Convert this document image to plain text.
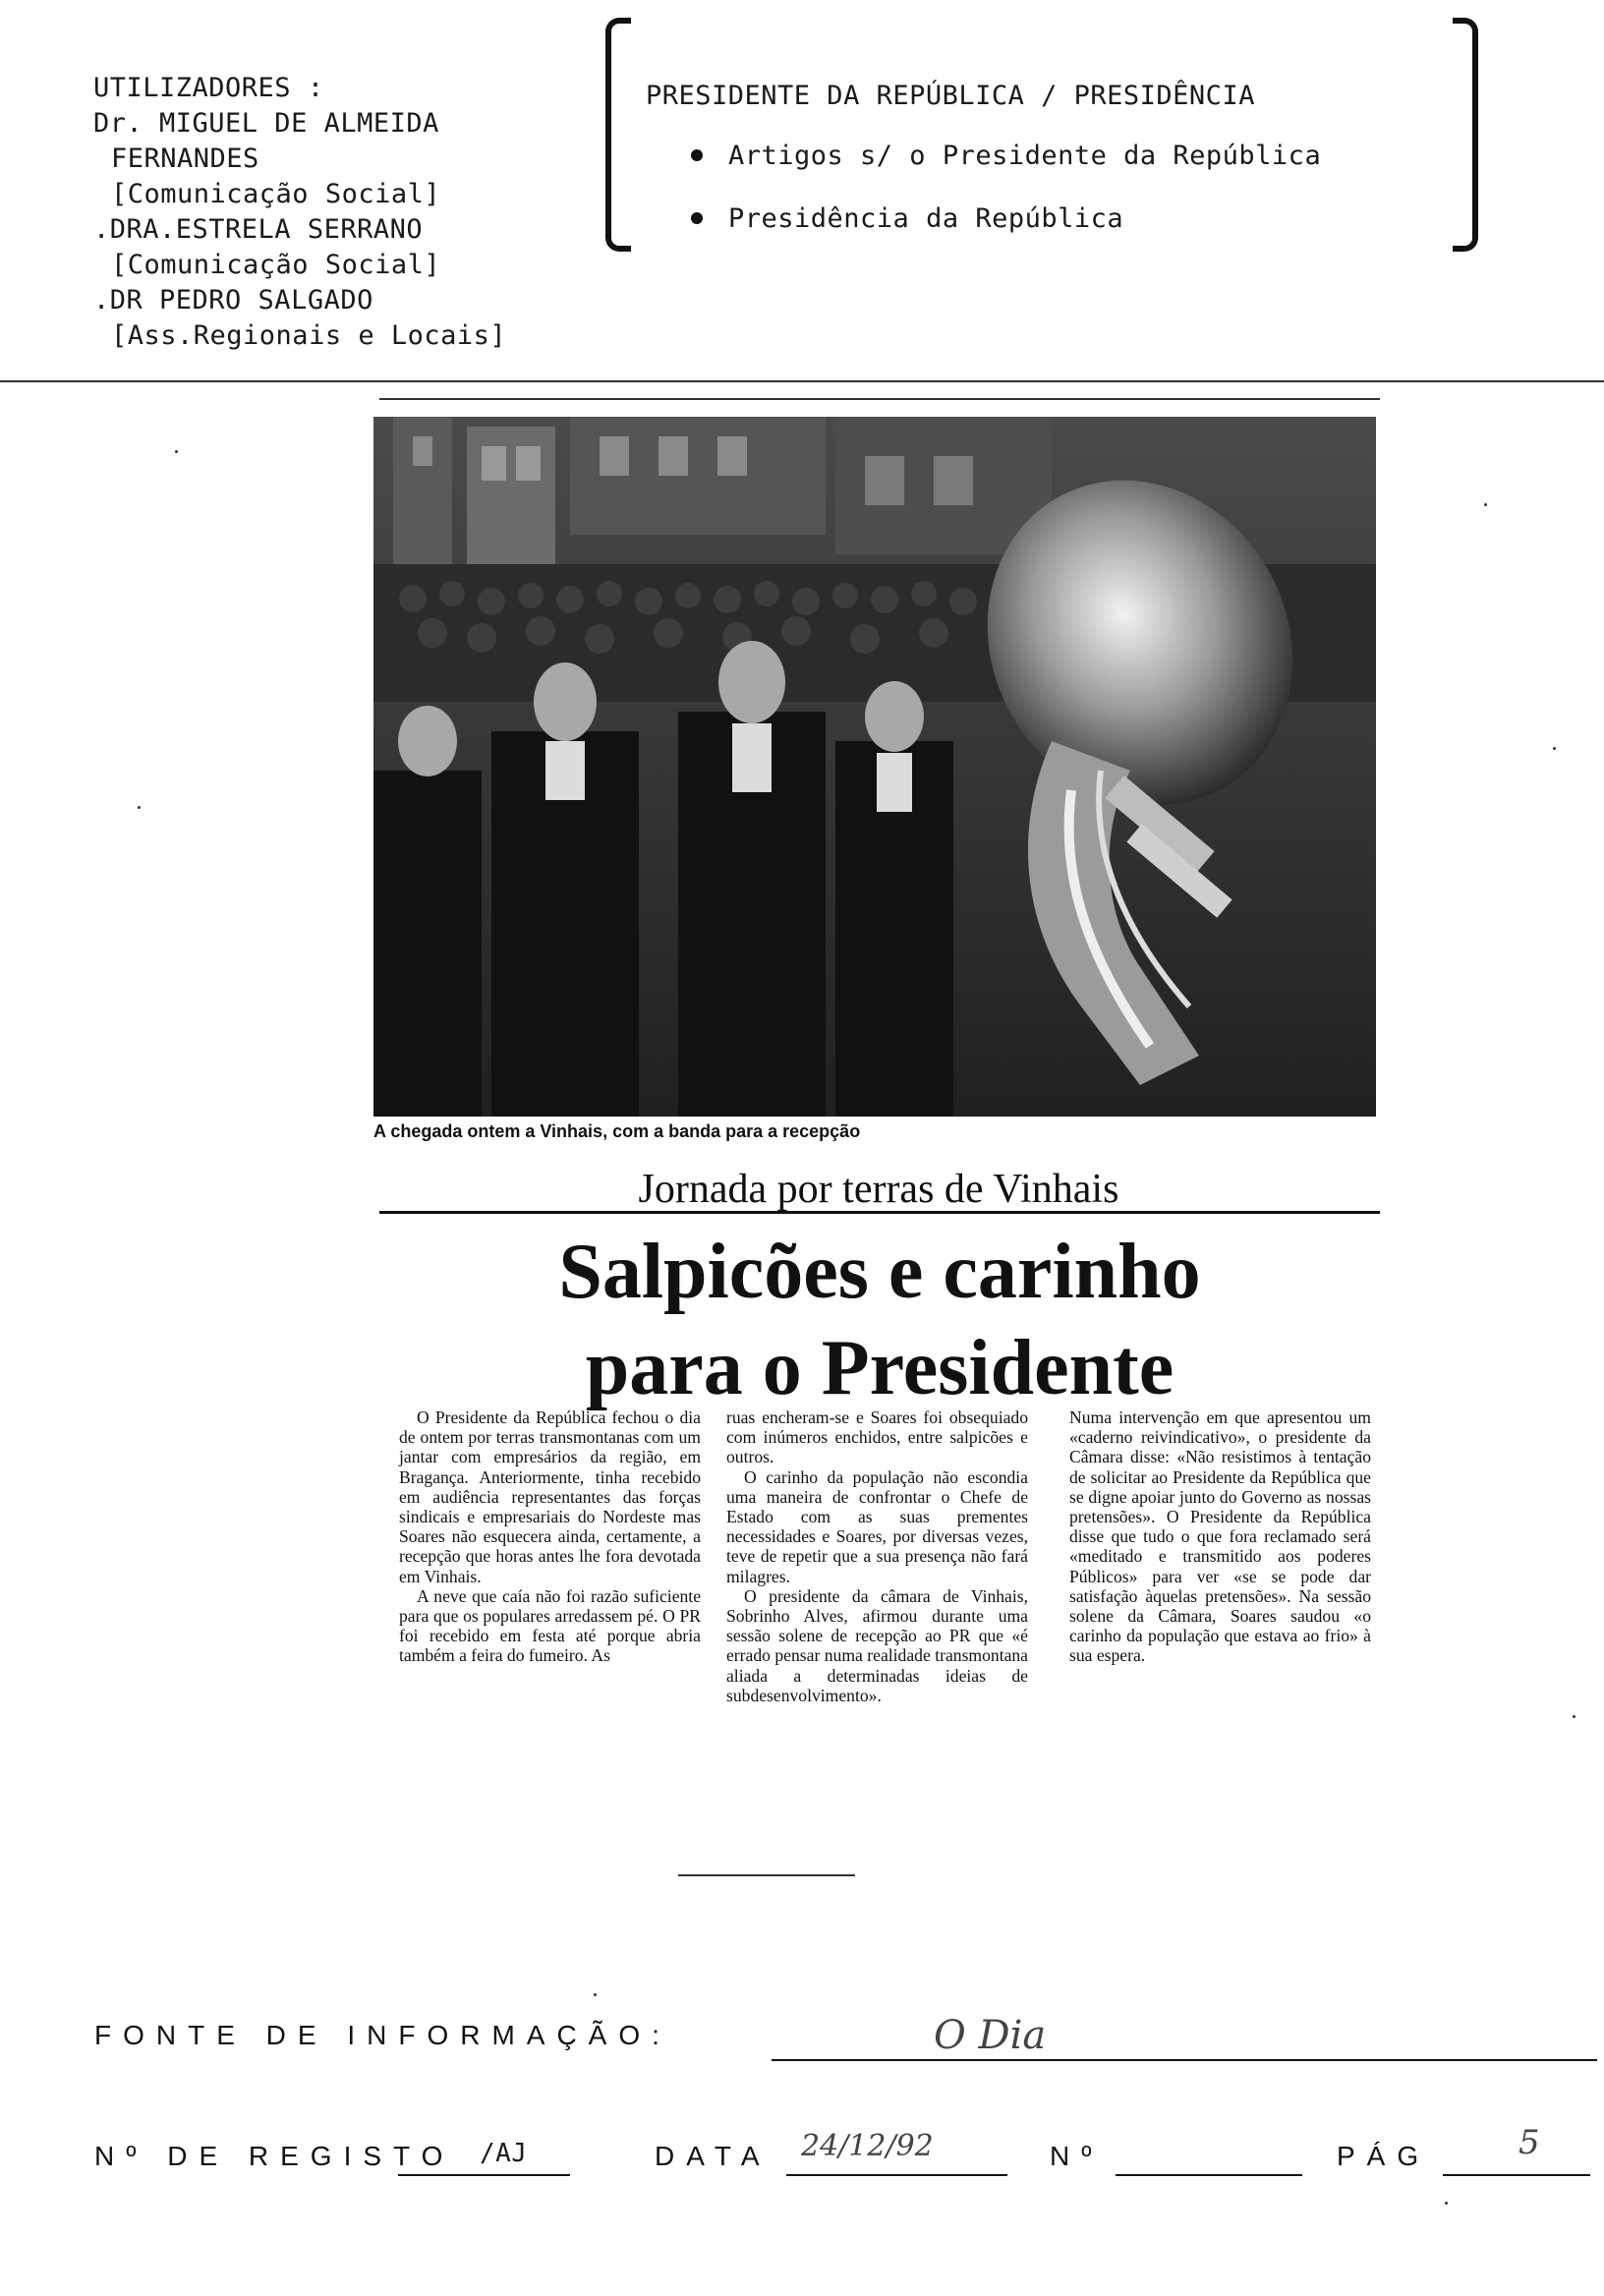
UTILIZADORES :
Dr. MIGUEL DE ALMEIDA
FERNANDES
[Comunicação Social]
.DRA.ESTRELA SERRANO
[Comunicação Social]
.DR PEDRO SALGADO
[Ass.Regionais e Locais]
PRESIDENTE DA REPÚBLICA / PRESIDÊNCIA
Artigos s/ o Presidente da República
Presidência da República
A chegada ontem a Vinhais, com a banda para a recepção
Jornada por terras de Vinhais
Salpicões e carinho
para o Presidente

O Presidente da República fechou o dia de ontem por terras transmontanas com um jantar com empresários da região, em Bragança. Anteriormente, tinha recebido em audiência representantes das forças sindicais e empresariais do Nordeste mas Soares não esquecera ainda, certamente, a recepção que horas antes lhe fora devotada em Vinhais.

A neve que caía não foi razão suficiente para que os populares arredassem pé. O PR foi recebido em festa até porque abria também a feira do fumeiro. As

ruas encheram-se e Soares foi obsequiado com inúmeros enchidos, entre salpicões e outros.

O carinho da população não escondia uma maneira de confrontar o Chefe de Estado com as suas prementes necessidades e Soares, por diversas vezes, teve de repetir que a sua presença não fará milagres.

O presidente da câmara de Vinhais, Sobrinho Alves, afirmou durante uma sessão solene de recepção ao PR que «é errado pensar numa realidade transmontana aliada a determinadas ideias de subdesenvolvimento».

Numa intervenção em que apresentou um «caderno reivindicativo», o presidente da Câmara disse: «Não resistimos à tentação de solicitar ao Presidente da República que se digne apoiar junto do Governo as nossas pretensões». O Presidente da República disse que tudo o que fora reclamado será «meditado e transmitido aos poderes Públicos» para ver «se se pode dar satisfação àquelas pretensões». Na sessão solene da Câmara, Soares saudou «o carinho da população que estava ao frio» à sua espera.

FONTE DE INFORMAÇÃO:	O Dia
Nº DE REGISTO /AJ	DATA 24/12/92	Nº	PÁG	5
